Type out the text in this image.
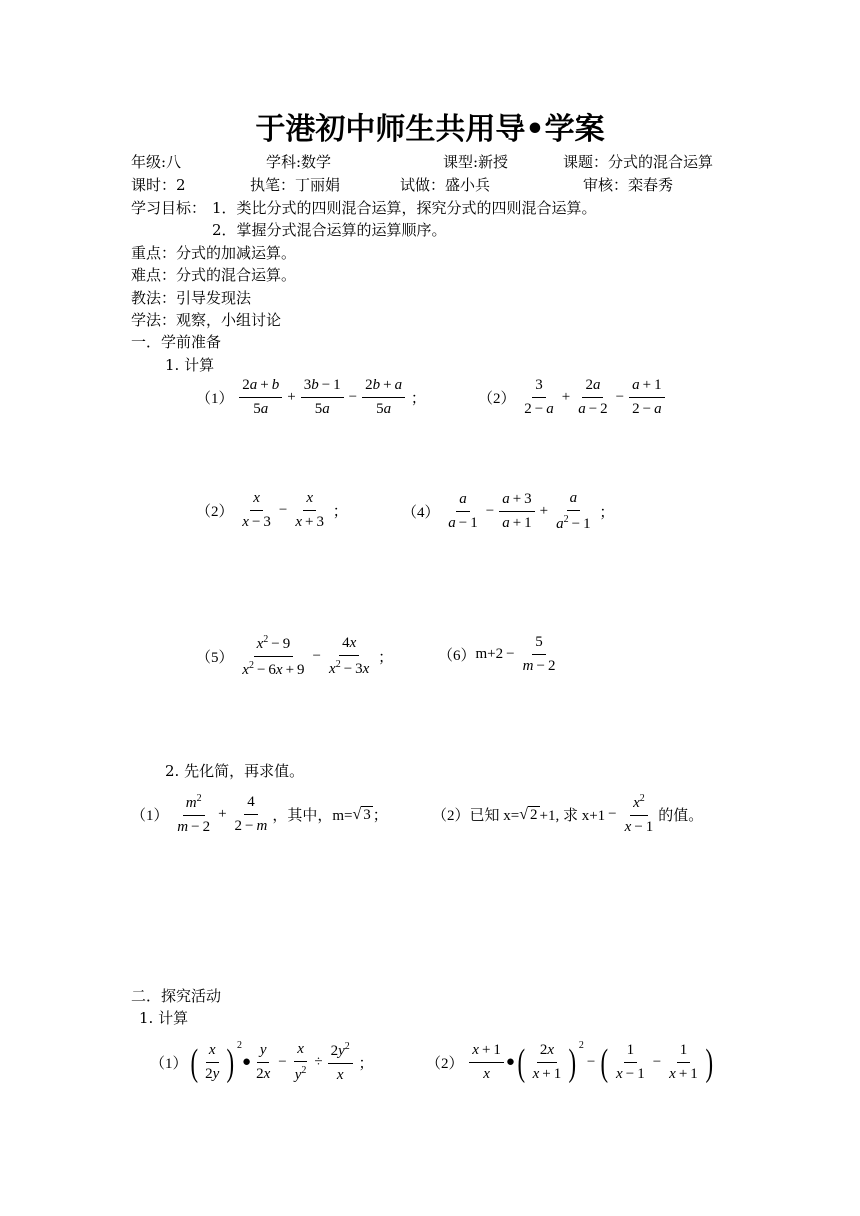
于港初中师生共用导•学案
年级:八	学科:数学	课型:新授	课题：分式的混合运算
课时：2	执笔：丁丽娟	试做：盛小兵	审核：栾春秀
学习目标： 1．类比分式的四则混合运算，探究分式的四则混合运算。
2．掌握分式混合运算的运算顺序。
重点：分式的加减运算。
难点：分式的混合运算。
教法：引导发现法
学法：观察，小组讨论
一．学前准备
1. 计算
$(1) \frac{2a + b}{5a} + \frac{3b - 1}{5a} - \frac{2b + a}{5a}$ ；	$(2) \frac{3}{2 - a} + \frac{2a}{a - 2} - \frac{a + 1}{2 - a}$
$(2) \frac{x}{x - 3} - \frac{x}{x + 3}$ ；	$(4) \frac{a}{a - 1} - \frac{a + 3}{a + 1} + \frac{a}{a^2 - 1}$ ；
$(5) \frac{x^2 - 9}{x^2 - 6x + 9} - \frac{4x}{x^2 - 3x}$ ；	$(6)m+2 - \frac{5}{m - 2}$
2. 先化简，再求值。
$(1) \frac{m^2}{m - 2} + \frac{4}{2 - m}$ ，其中，m=√ 3 ；	（2）已知 x=√ 2 +1, 求 $x+1 - \frac{x^2}{x - 1}$ 的值。
二．探究活动
1. 计算
$(1)( \frac{x}{2y}$ ) $^2$● $\frac{y}{2x} - \frac{x}{y^2} \div \frac{2y^2}{x}$ ；	$(2) \frac{x + 1}{x}$ ●( $\frac{2x}{x + 1}$ ) $^2$− ( $\frac{1}{x - 1} - \frac{1}{x + 1}$ )
